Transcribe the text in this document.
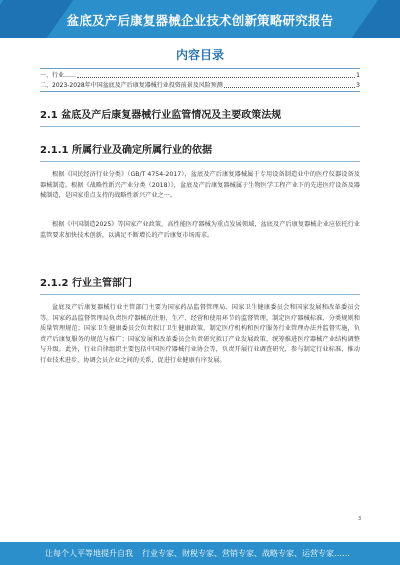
盆底及产后康复器械企业技术创新策略研究报告
内容目录
一、行业……	1
二、2023-2028年中国盆底及产后康复器械行业投资前景及风险预测	3
2.1 盆底及产后康复器械行业监管情况及主要政策法规
2.1.1 所属行业及确定所属行业的依据

根据《国民经济行业分类》（GB/T 4754-2017），盆底及产后康复器械属于专用设备制造业中的医疗仪器设备及器械制造。根据《战略性新兴产业分类（2018）》，盆底及产后康复器械属于生物医学工程产业下的先进医疗设备及器械制造，是国家重点支持的战略性新兴产业之一。

根据《中国制造2025》等国家产业政策，高性能医疗器械为重点发展领域，盆底及产后康复器械企业应依托行业监管要求加快技术创新，以满足不断增长的产后康复市场需求。

2.1.2 行业主管部门

盆底及产后康复器械行业主管部门主要为国家药品监督管理局、国家卫生健康委员会和国家发展和改革委员会等。国家药品监督管理局负责医疗器械的注册、生产、经营和使用环节的监督管理，制定医疗器械标准、分类规则和质量管理规范；国家卫生健康委员会负责拟订卫生健康政策，制定医疗机构和医疗服务行业管理办法并监督实施，负责产后康复服务的规范与推广；国家发展和改革委员会负责研究拟订产业发展政策，统筹推进医疗器械产业结构调整与升级。此外，行业自律组织主要包括中国医疗器械行业协会等，负责开展行业调查研究，参与制定行业标准，推动行业技术进步，协调会员企业之间的关系，促进行业健康有序发展。

3
让每个人平等地提升自我 行业专家、财税专家、营销专家、战略专家、运营专家……
